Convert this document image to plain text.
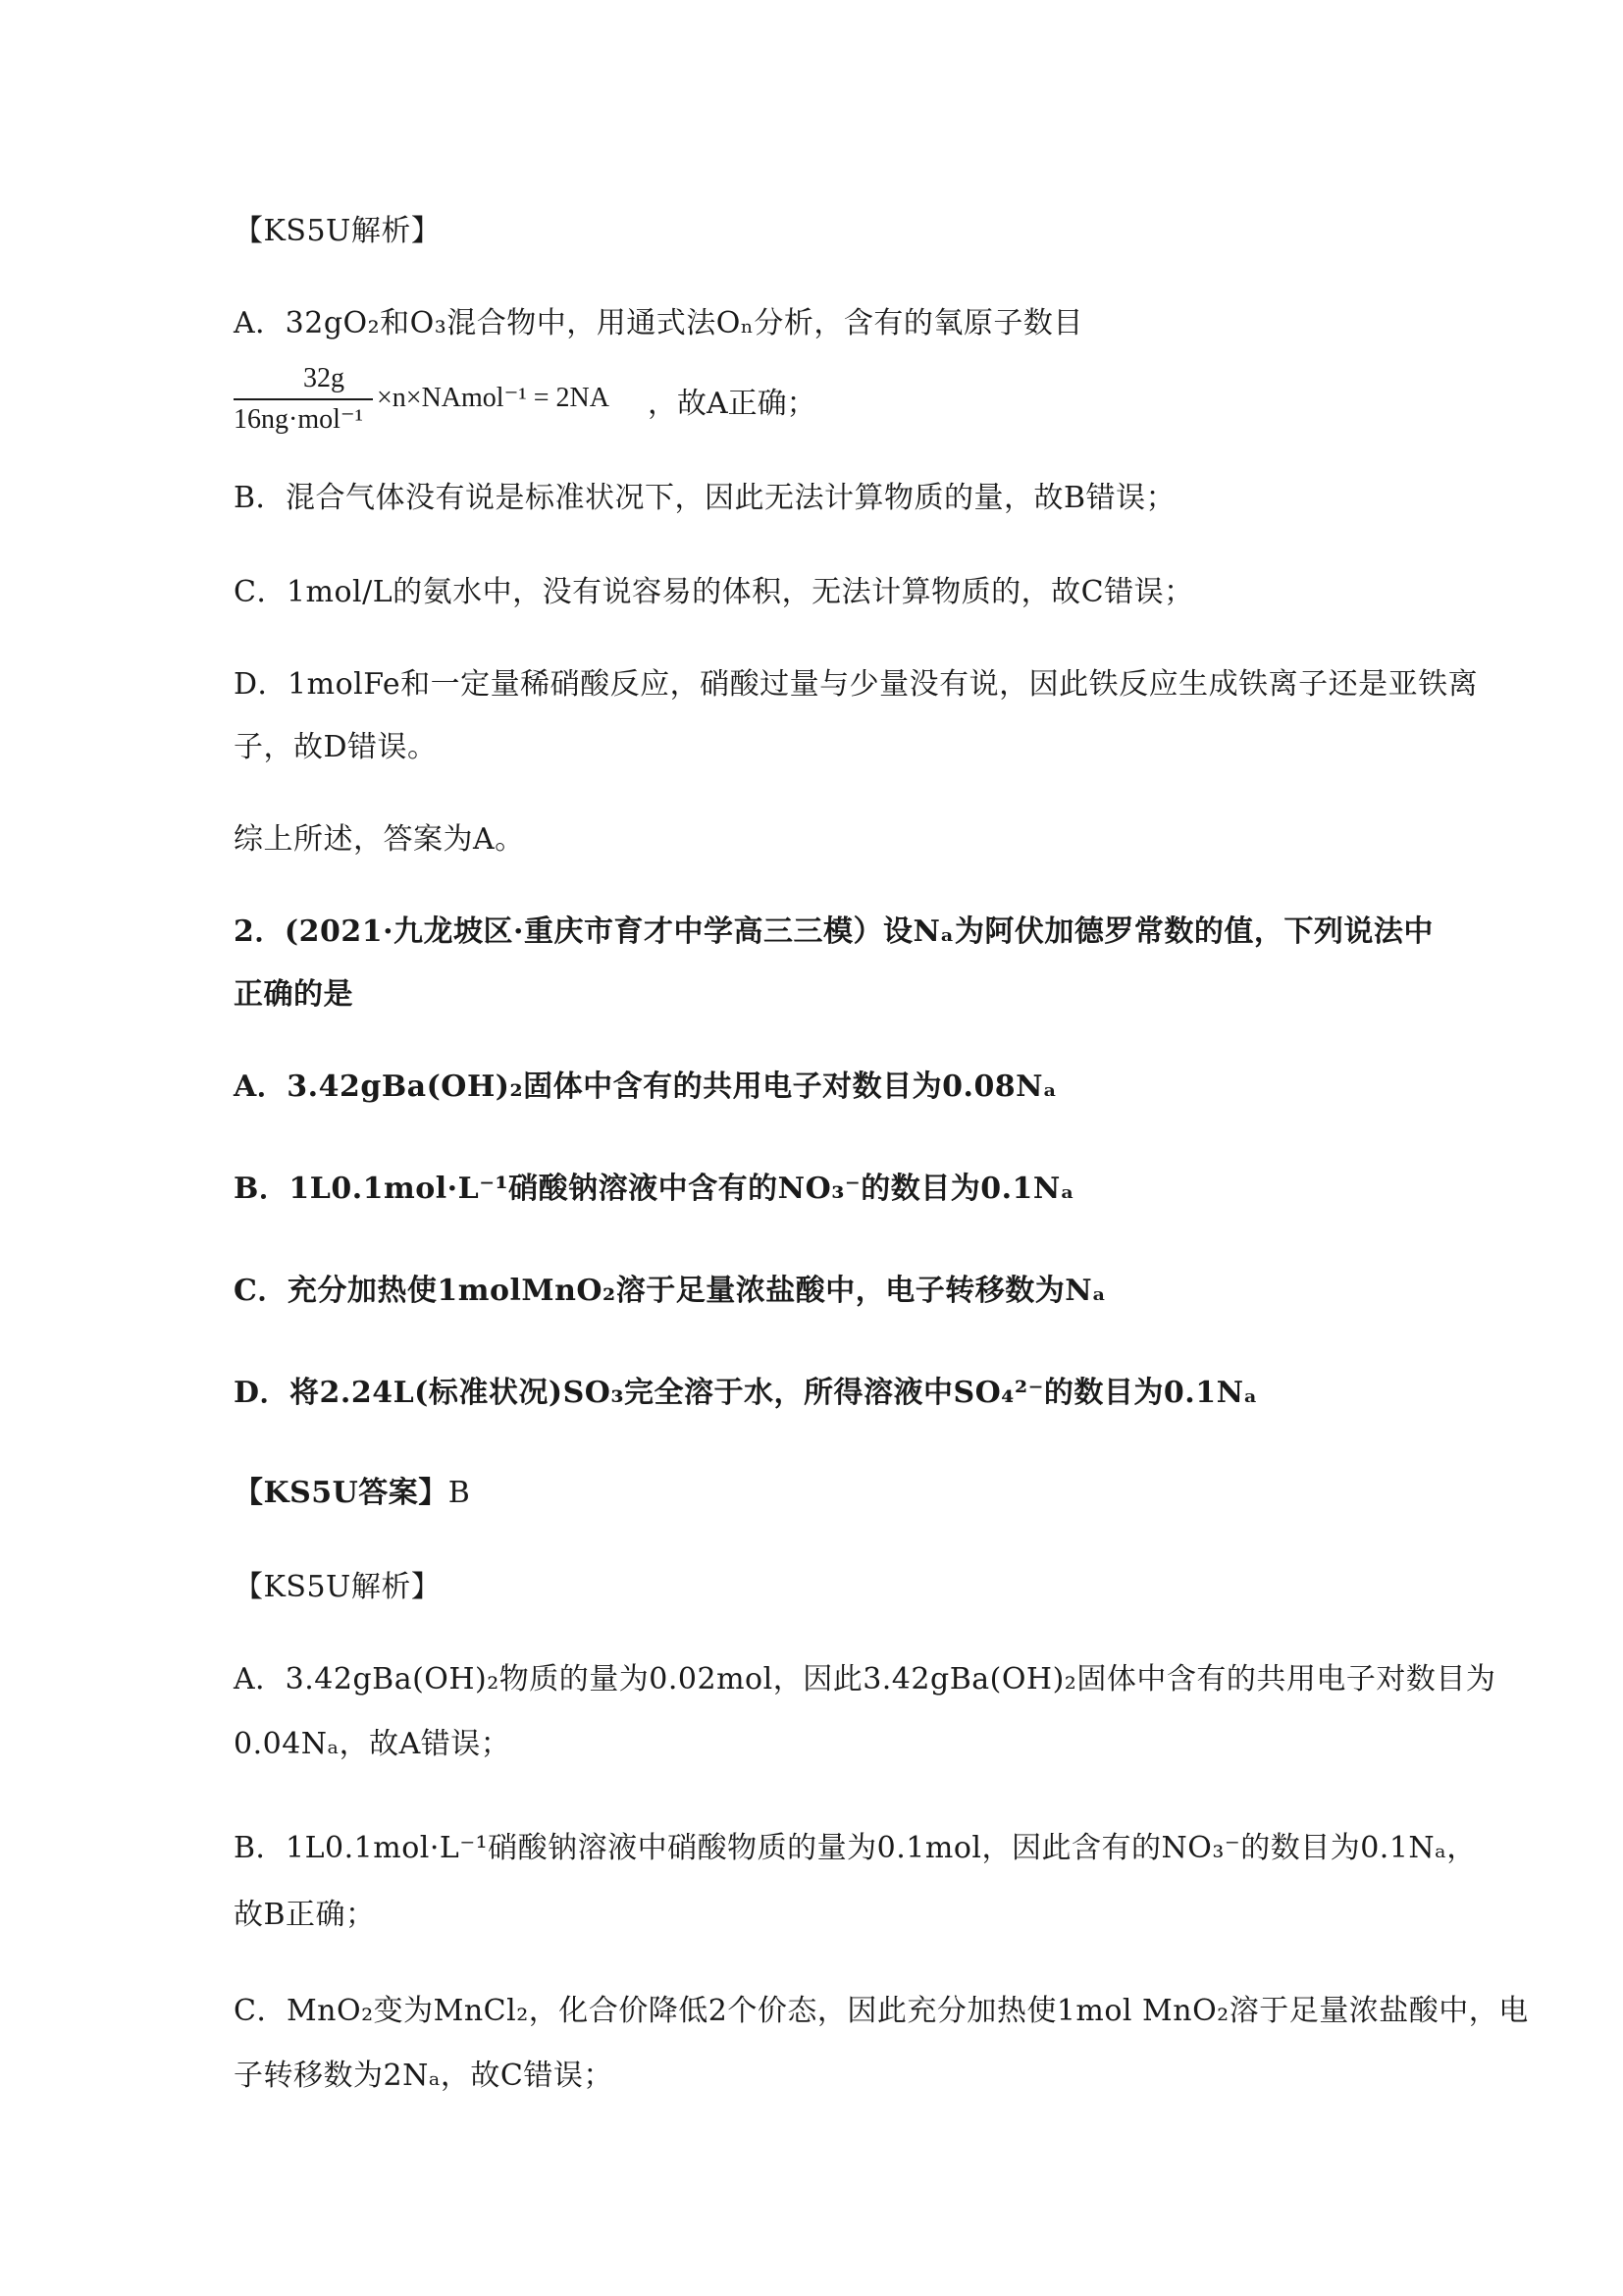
【KS5U解析】
A．32gO₂和O₃混合物中，用通式法Oₙ分析，含有的氧原子数目
32g
16ng·mol⁻¹
×n×NAmol⁻¹ = 2NA ，故A正确；
B．混合气体没有说是标准状况下，因此无法计算物质的量，故B错误；
C．1mol/L的氨水中，没有说容易的体积，无法计算物质的，故C错误；
D．1molFe和一定量稀硝酸反应，硝酸过量与少量没有说，因此铁反应生成铁离子还是亚铁离
子，故D错误。
综上所述，答案为A。
2．(2021·九龙坡区·重庆市育才中学高三三模）设Nₐ为阿伏加德罗常数的值，下列说法中
正确的是
A．3.42gBa(OH)₂固体中含有的共用电子对数目为0.08Nₐ
B．1L0.1mol·L⁻¹硝酸钠溶液中含有的NO₃⁻的数目为0.1Nₐ
C．充分加热使1molMnO₂溶于足量浓盐酸中，电子转移数为Nₐ
D．将2.24L(标准状况)SO₃完全溶于水，所得溶液中SO₄²⁻的数目为0.1Nₐ
【KS5U答案】B
【KS5U解析】
A．3.42gBa(OH)₂物质的量为0.02mol，因此3.42gBa(OH)₂固体中含有的共用电子对数目为
0.04Nₐ，故A错误；
B．1L0.1mol·L⁻¹硝酸钠溶液中硝酸物质的量为0.1mol，因此含有的NO₃⁻的数目为0.1Nₐ，
故B正确；
C．MnO₂变为MnCl₂，化合价降低2个价态，因此充分加热使1mol MnO₂溶于足量浓盐酸中，电
子转移数为2Nₐ，故C错误；
